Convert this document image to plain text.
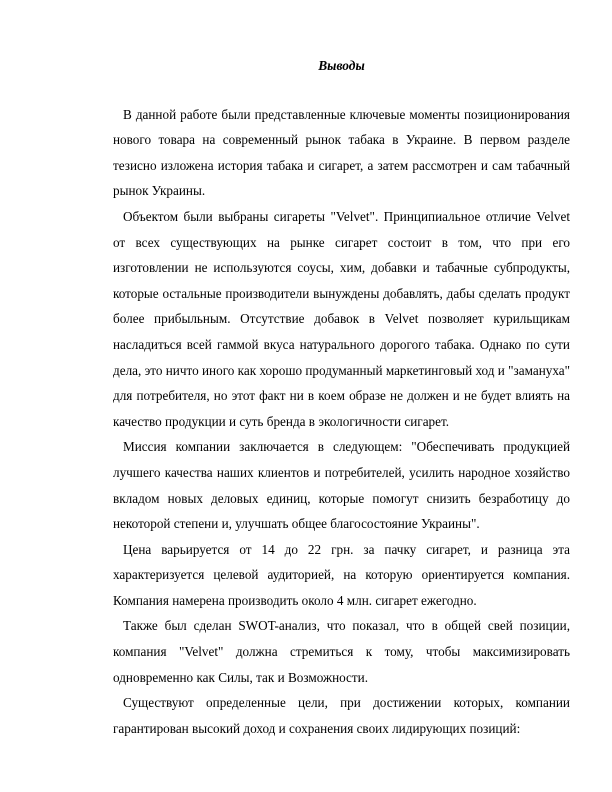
Выводы

В данной работе были представленные ключевые моменты позиционирования нового товара на современный рынок табака в Украине. В первом разделе тезисно изложена история табака и сигарет, а затем рассмотрен и сам табачный рынок Украины.

Объектом были выбраны сигареты "Velvet". Принципиальное отличие Velvet от всех существующих на рынке сигарет состоит в том, что при его изготовлении не используются соусы, хим, добавки и табачные субпродукты, которые остальные производители вынуждены добавлять, дабы сделать продукт более прибыльным. Отсутствие добавок в Velvet позволяет курильщикам насладиться всей гаммой вкуса натурального дорогого табака. Однако по сути дела, это ничто иного как хорошо продуманный маркетинговый ход и "замануха" для потребителя, но этот факт ни в коем образе не должен и не будет влиять на качество продукции и суть бренда в экологичности сигарет.

Миссия компании заключается в следующем: "Обеспечивать продукцией лучшего качества наших клиентов и потребителей, усилить народное хозяйство вкладом новых деловых единиц, которые помогут снизить безработицу до некоторой степени и, улучшать общее благосостояние Украины".

Цена варьируется от 14 до 22 грн. за пачку сигарет, и разница эта характеризуется целевой аудиторией, на которую ориентируется компания. Компания намерена производить около 4 млн. сигарет ежегодно.

Также был сделан SWOT-анализ, что показал, что в общей свей позиции, компания "Velvet" должна стремиться к тому, чтобы максимизировать одновременно как Силы, так и Возможности.

Существуют определенные цели, при достижении которых, компании гарантирован высокий доход и сохранения своих лидирующих позиций:
